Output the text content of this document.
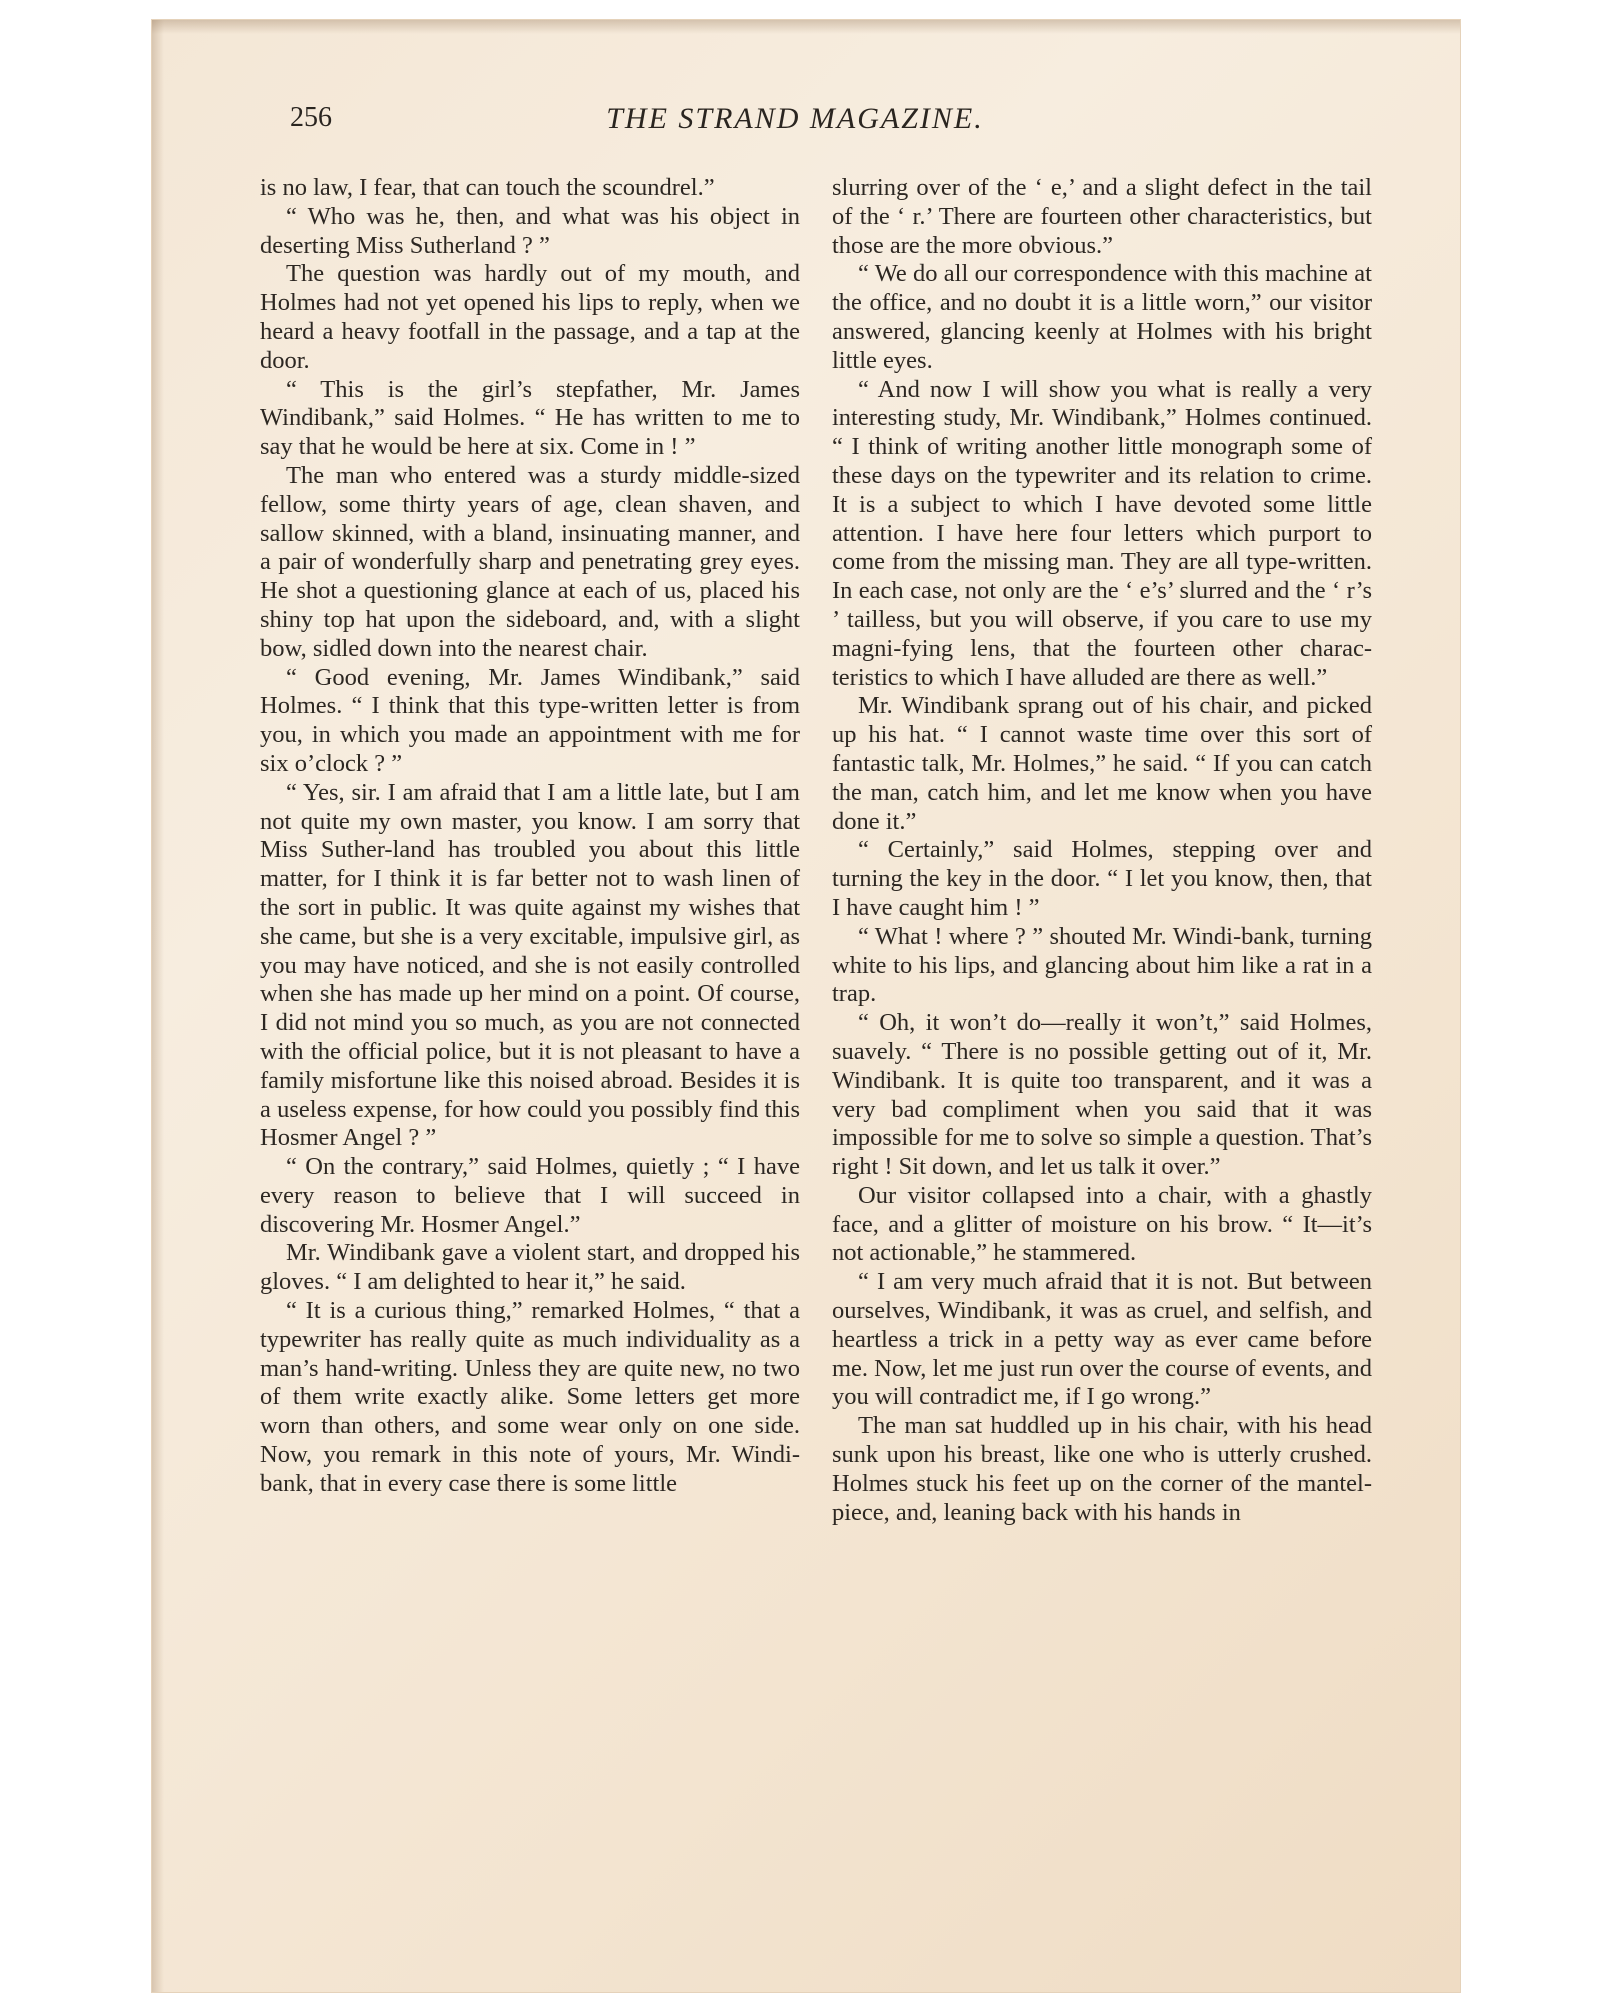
256	THE STRAND MAGAZINE.

is no law, I fear, that can touch the scoundrel.”

“ Who was he, then, and what was his object in deserting Miss Sutherland ? ”

The question was hardly out of my mouth, and Holmes had not yet opened his lips to reply, when we heard a heavy footfall in the passage, and a tap at the door.

“ This is the girl’s stepfather, Mr. James Windibank,” said Holmes. “ He has written to me to say that he would be here at six. Come in ! ”

The man who entered was a sturdy middle-sized fellow, some thirty years of age, clean shaven, and sallow skinned, with a bland, insinuating manner, and a pair of wonderfully sharp and penetrating grey eyes. He shot a questioning glance at each of us, placed his shiny top hat upon the sideboard, and, with a slight bow, sidled down into the nearest chair.

“ Good evening, Mr. James Windibank,” said Holmes. “ I think that this type-written letter is from you, in which you made an appointment with me for six o’clock ? ”

“ Yes, sir. I am afraid that I am a little late, but I am not quite my own master, you know. I am sorry that Miss Suther-land has troubled you about this little matter, for I think it is far better not to wash linen of the sort in public. It was quite against my wishes that she came, but she is a very excitable, impulsive girl, as you may have noticed, and she is not easily controlled when she has made up her mind on a point. Of course, I did not mind you so much, as you are not connected with the official police, but it is not pleasant to have a family misfortune like this noised abroad. Besides it is a useless expense, for how could you possibly find this Hosmer Angel ? ”

“ On the contrary,” said Holmes, quietly ; “ I have every reason to believe that I will succeed in discovering Mr. Hosmer Angel.”

Mr. Windibank gave a violent start, and dropped his gloves. “ I am delighted to hear it,” he said.

“ It is a curious thing,” remarked Holmes, “ that a typewriter has really quite as much individuality as a man’s hand-writing. Unless they are quite new, no two of them write exactly alike. Some letters get more worn than others, and some wear only on one side. Now, you remark in this note of yours, Mr. Windi-bank, that in every case there is some little

slurring over of the ‘ e,’ and a slight defect in the tail of the ‘ r.’ There are fourteen other characteristics, but those are the more obvious.”

“ We do all our correspondence with this machine at the office, and no doubt it is a little worn,” our visitor answered, glancing keenly at Holmes with his bright little eyes.

“ And now I will show you what is really a very interesting study, Mr. Windibank,” Holmes continued. “ I think of writing another little monograph some of these days on the typewriter and its relation to crime. It is a subject to which I have devoted some little attention. I have here four letters which purport to come from the missing man. They are all type-written. In each case, not only are the ‘ e’s’ slurred and the ‘ r’s ’ tailless, but you will observe, if you care to use my magni-fying lens, that the fourteen other charac-teristics to which I have alluded are there as well.”

Mr. Windibank sprang out of his chair, and picked up his hat. “ I cannot waste time over this sort of fantastic talk, Mr. Holmes,” he said. “ If you can catch the man, catch him, and let me know when you have done it.”

“ Certainly,” said Holmes, stepping over and turning the key in the door. “ I let you know, then, that I have caught him ! ”

“ What ! where ? ” shouted Mr. Windi-bank, turning white to his lips, and glancing about him like a rat in a trap.

“ Oh, it won’t do—really it won’t,” said Holmes, suavely. “ There is no possible getting out of it, Mr. Windibank. It is quite too transparent, and it was a very bad compliment when you said that it was impossible for me to solve so simple a question. That’s right ! Sit down, and let us talk it over.”

Our visitor collapsed into a chair, with a ghastly face, and a glitter of moisture on his brow. “ It—it’s not actionable,” he stammered.

“ I am very much afraid that it is not. But between ourselves, Windibank, it was as cruel, and selfish, and heartless a trick in a petty way as ever came before me. Now, let me just run over the course of events, and you will contradict me, if I go wrong.”

The man sat huddled up in his chair, with his head sunk upon his breast, like one who is utterly crushed. Holmes stuck his feet up on the corner of the mantel-piece, and, leaning back with his hands in
